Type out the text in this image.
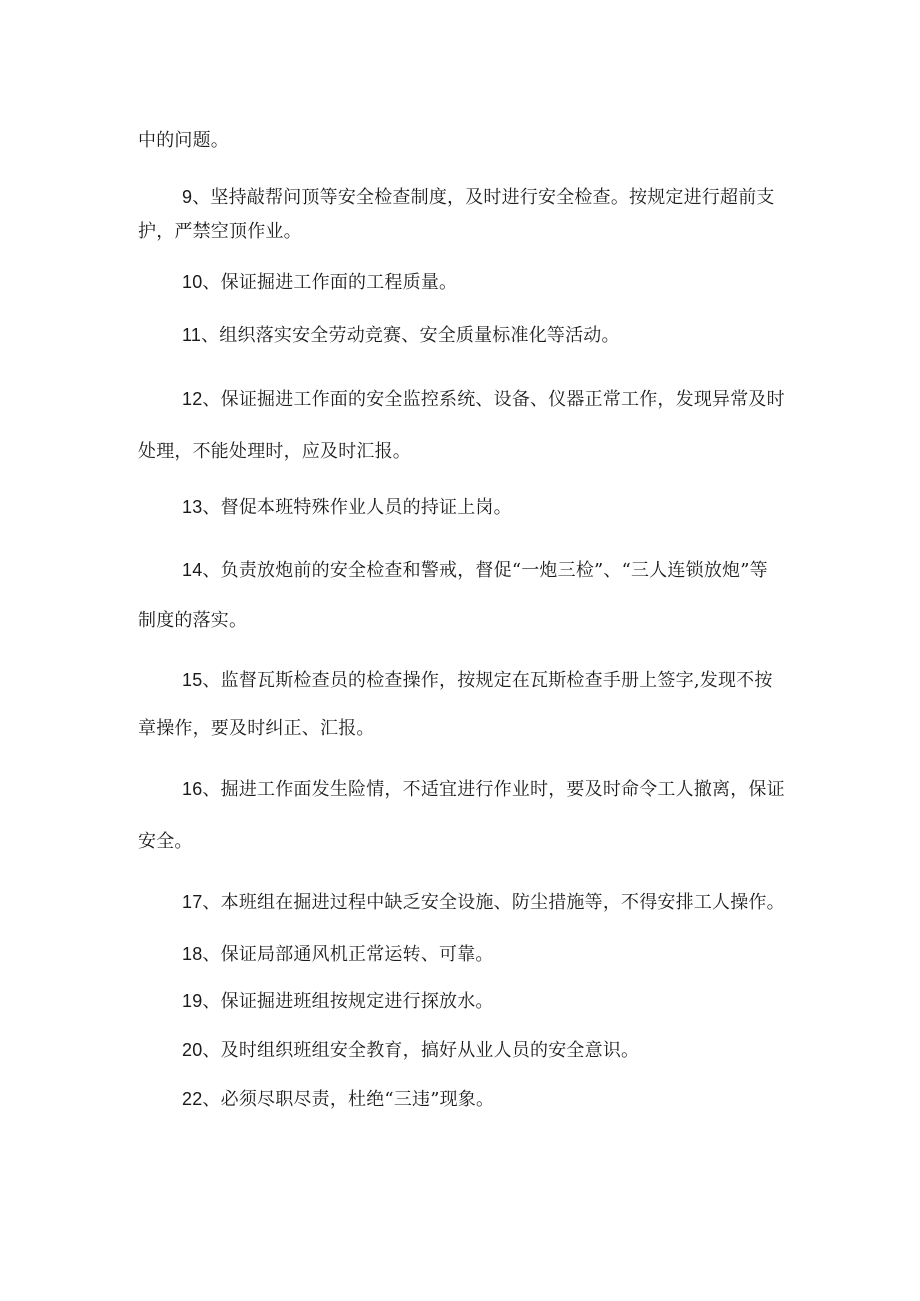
中的问题。

9、坚持敲帮问顶等安全检查制度，及时进行安全检查。按规定进行超前支护，严禁空顶作业。

10、保证掘进工作面的工程质量。

11、组织落实安全劳动竞赛、安全质量标准化等活动。

12、保证掘进工作面的安全监控系统、设备、仪器正常工作，发现异常及时处理，不能处理时，应及时汇报。

13、督促本班特殊作业人员的持证上岗。

14、负责放炮前的安全检查和警戒，督促“一炮三检”、“三人连锁放炮”等制度的落实。

15、监督瓦斯检查员的检查操作，按规定在瓦斯检查手册上签字,发现不按章操作，要及时纠正、汇报。

16、掘进工作面发生险情，不适宜进行作业时，要及时命令工人撤离，保证安全。

17、本班组在掘进过程中缺乏安全设施、防尘措施等，不得安排工人操作。

18、保证局部通风机正常运转、可靠。

19、保证掘进班组按规定进行探放水。

20、及时组织班组安全教育，搞好从业人员的安全意识。

22、必须尽职尽责，杜绝“三违”现象。
